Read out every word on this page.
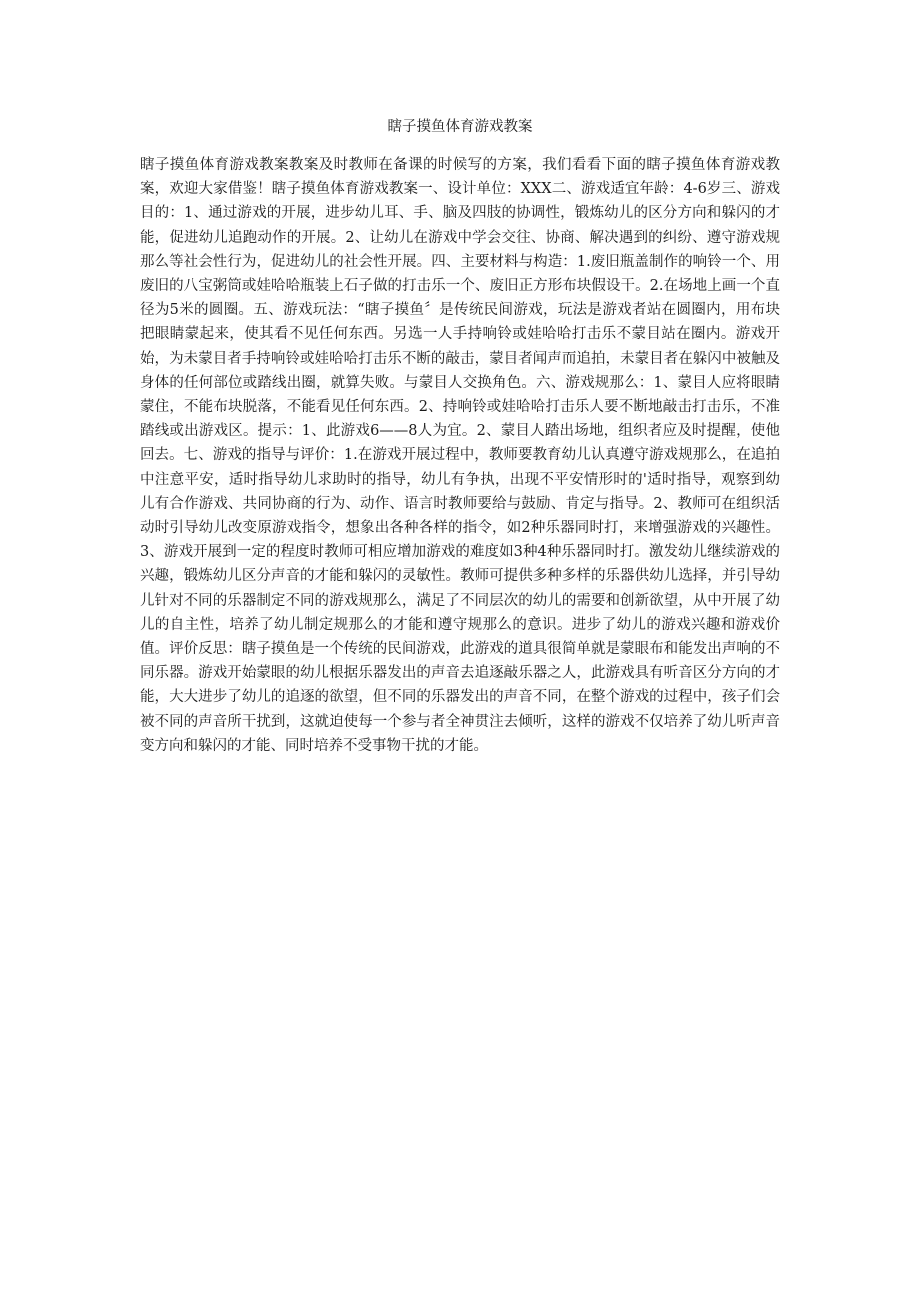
瞎子摸鱼体育游戏教案
瞎子摸鱼体育游戏教案教案及时教师在备课的时候写的方案，我们看看下面的瞎子摸鱼体育游戏教案，欢迎大家借鉴！瞎子摸鱼体育游戏教案一、设计单位：XXX二、游戏适宜年龄：4-6岁三、游戏目的：1、通过游戏的开展，进步幼儿耳、手、脑及四肢的协调性，锻炼幼儿的区分方向和躲闪的才能，促进幼儿追跑动作的开展。2、让幼儿在游戏中学会交往、协商、解决遇到的纠纷、遵守游戏规那么等社会性行为，促进幼儿的社会性开展。四、主要材料与构造：1.废旧瓶盖制作的响铃一个、用废旧的八宝粥筒或娃哈哈瓶装上石子做的打击乐一个、废旧正方形布块假设干。2.在场地上画一个直径为5米的圆圈。五、游戏玩法：“瞎子摸鱼〞是传统民间游戏，玩法是游戏者站在圆圈内，用布块把眼睛蒙起来，使其看不见任何东西。另选一人手持响铃或娃哈哈打击乐不蒙目站在圈内。游戏开始，为未蒙目者手持响铃或娃哈哈打击乐不断的敲击，蒙目者闻声而追拍，未蒙目者在躲闪中被触及身体的任何部位或踏线出圈，就算失败。与蒙目人交换角色。六、游戏规那么：1、蒙目人应将眼睛蒙住，不能布块脱落，不能看见任何东西。2、持响铃或娃哈哈打击乐人要不断地敲击打击乐，不准踏线或出游戏区。提示：1、此游戏6——8人为宜。2、蒙目人踏出场地，组织者应及时提醒，使他回去。七、游戏的指导与评价：1.在游戏开展过程中，教师要教育幼儿认真遵守游戏规那么，在追拍中注意平安，适时指导幼儿求助时的指导，幼儿有争执，出现不平安情形时的'适时指导，观察到幼儿有合作游戏、共同协商的行为、动作、语言时教师要给与鼓励、肯定与指导。2、教师可在组织活动时引导幼儿改变原游戏指令，想象出各种各样的指令，如2种乐器同时打，来增强游戏的兴趣性。3、游戏开展到一定的程度时教师可相应增加游戏的难度如3种4种乐器同时打。激发幼儿继续游戏的兴趣，锻炼幼儿区分声音的才能和躲闪的灵敏性。教师可提供多种多样的乐器供幼儿选择，并引导幼儿针对不同的乐器制定不同的游戏规那么，满足了不同层次的幼儿的需要和创新欲望，从中开展了幼儿的自主性，培养了幼儿制定规那么的才能和遵守规那么的意识。进步了幼儿的游戏兴趣和游戏价值。评价反思：瞎子摸鱼是一个传统的民间游戏，此游戏的道具很简单就是蒙眼布和能发出声响的不同乐器。游戏开始蒙眼的幼儿根据乐器发出的声音去追逐敲乐器之人，此游戏具有听音区分方向的才能，大大进步了幼儿的追逐的欲望，但不同的乐器发出的声音不同，在整个游戏的过程中，孩子们会被不同的声音所干扰到，这就迫使每一个参与者全神贯注去倾听，这样的游戏不仅培养了幼儿听声音变方向和躲闪的才能、同时培养不受事物干扰的才能。
